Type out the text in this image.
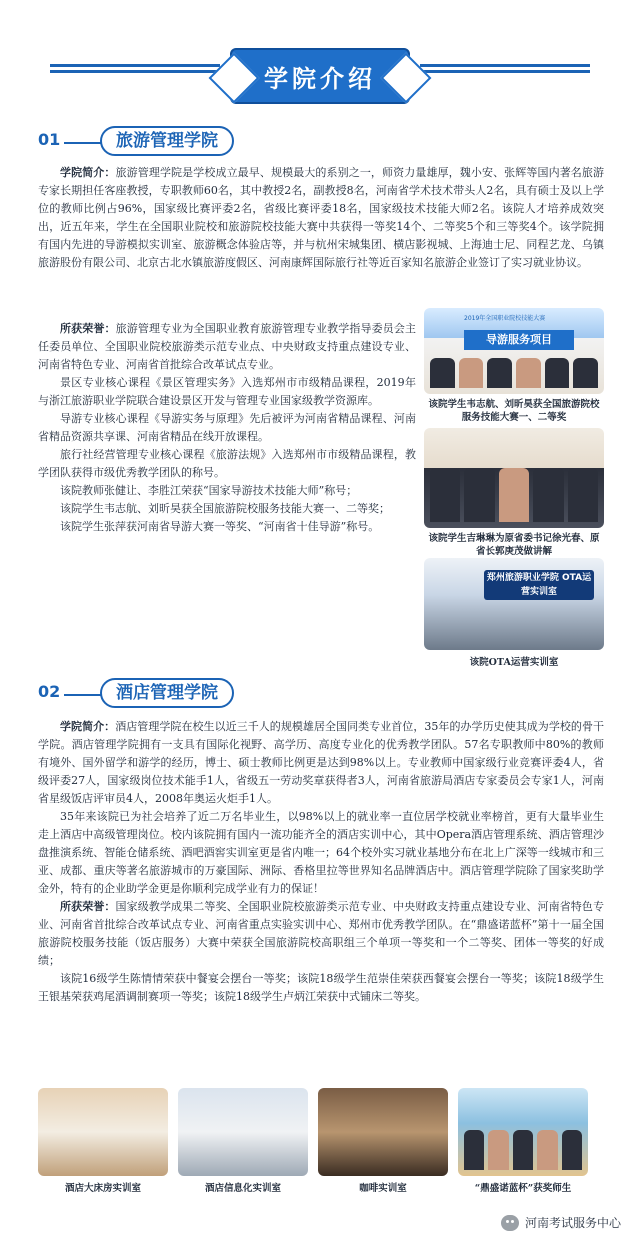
学院介绍
01	旅游管理学院

学院简介：旅游管理学院是学校成立最早、规模最大的系别之一，师资力量雄厚，魏小安、张辉等国内著名旅游专家长期担任客座教授，专职教师60名，其中教授2名，副教授8名，河南省学术技术带头人2名，具有硕士及以上学位的教师比例占96%，国家级比赛评委2名，省级比赛评委18名，国家级技术技能大师2名。该院人才培养成效突出，近五年来，学生在全国职业院校和旅游院校技能大赛中共获得一等奖14个、二等奖5个和三等奖4个。该学院拥有国内先进的导游模拟实训室、旅游概念体验店等，并与杭州宋城集团、横店影视城、上海迪士尼、同程艺龙、乌镇旅游股份有限公司、北京古北水镇旅游度假区、河南康辉国际旅行社等近百家知名旅游企业签订了实习就业协议。

所获荣誉：旅游管理专业为全国职业教育旅游管理专业教学指导委员会主任委员单位、全国职业院校旅游类示范专业点、中央财政支持重点建设专业、河南省特色专业、河南省首批综合改革试点专业。

景区专业核心课程《景区管理实务》入选郑州市市级精品课程，2019年与浙江旅游职业学院联合建设景区开发与管理专业国家级教学资源库。

导游专业核心课程《导游实务与原理》先后被评为河南省精品课程、河南省精品资源共享课、河南省精品在线开放课程。

旅行社经营管理专业核心课程《旅游法规》入选郑州市市级精品课程，教学团队获得市级优秀教学团队的称号。

该院教师张健让、李胜江荣获“国家导游技术技能大师”称号；

该院学生韦志航、刘昕昊获全国旅游院校服务技能大赛一、二等奖；

该院学生张萍获河南省导游大赛一等奖、“河南省十佳导游”称号。

2019年全国职业院校技能大赛
导游服务项目
该院学生韦志航、刘昕昊获全国旅游院校服务技能大赛一、二等奖
该院学生吉琳琳为原省委书记徐光春、原省长郭庚茂做讲解
郑州旅游职业学院 OTA运营实训室
该院OTA运营实训室
02	酒店管理学院

学院简介：酒店管理学院在校生以近三千人的规模雄居全国同类专业首位，35年的办学历史使其成为学校的骨干学院。酒店管理学院拥有一支具有国际化视野、高学历、高度专业化的优秀教学团队。57名专职教师中80%的教师有境外、国外留学和游学的经历，博士、硕士教师比例更是达到98%以上。专业教师中国家级行业竞赛评委4人，省级评委27人，国家级岗位技术能手1人，省级五一劳动奖章获得者3人，河南省旅游局酒店专家委员会专家1人，河南省星级饭店评审员4人，2008年奥运火炬手1人。

35年来该院已为社会培养了近二万名毕业生，以98%以上的就业率一直位居学校就业率榜首，更有大量毕业生走上酒店中高级管理岗位。校内该院拥有国内一流功能齐全的酒店实训中心，其中Opera酒店管理系统、酒店管理沙盘推演系统、智能仓储系统、酒吧酒窖实训室更是省内唯一；64个校外实习就业基地分布在北上广深等一线城市和三亚、成都、重庆等著名旅游城市的万豪国际、洲际、香格里拉等世界知名品牌酒店中。酒店管理学院除了国家奖助学金外，特有的企业助学金更是你顺利完成学业有力的保证！

所获荣誉：国家级教学成果二等奖、全国职业院校旅游类示范专业、中央财政支持重点建设专业、河南省特色专业、河南省首批综合改革试点专业、河南省重点实验实训中心、郑州市优秀教学团队。在“鼎盛诺蓝杯”第十一届全国旅游院校服务技能（饭店服务）大赛中荣获全国旅游院校高职组三个单项一等奖和一个二等奖、团体一等奖的好成绩；

该院16级学生陈情情荣获中餐宴会摆台一等奖；该院18级学生范崇佳荣获西餐宴会摆台一等奖；该院18级学生王银基荣获鸡尾酒调制赛项一等奖；该院18级学生卢炳江荣获中式铺床二等奖。

酒店大床房实训室	酒店信息化实训室	咖啡实训室	“鼎盛诺蓝杯”获奖师生
河南考试服务中心
